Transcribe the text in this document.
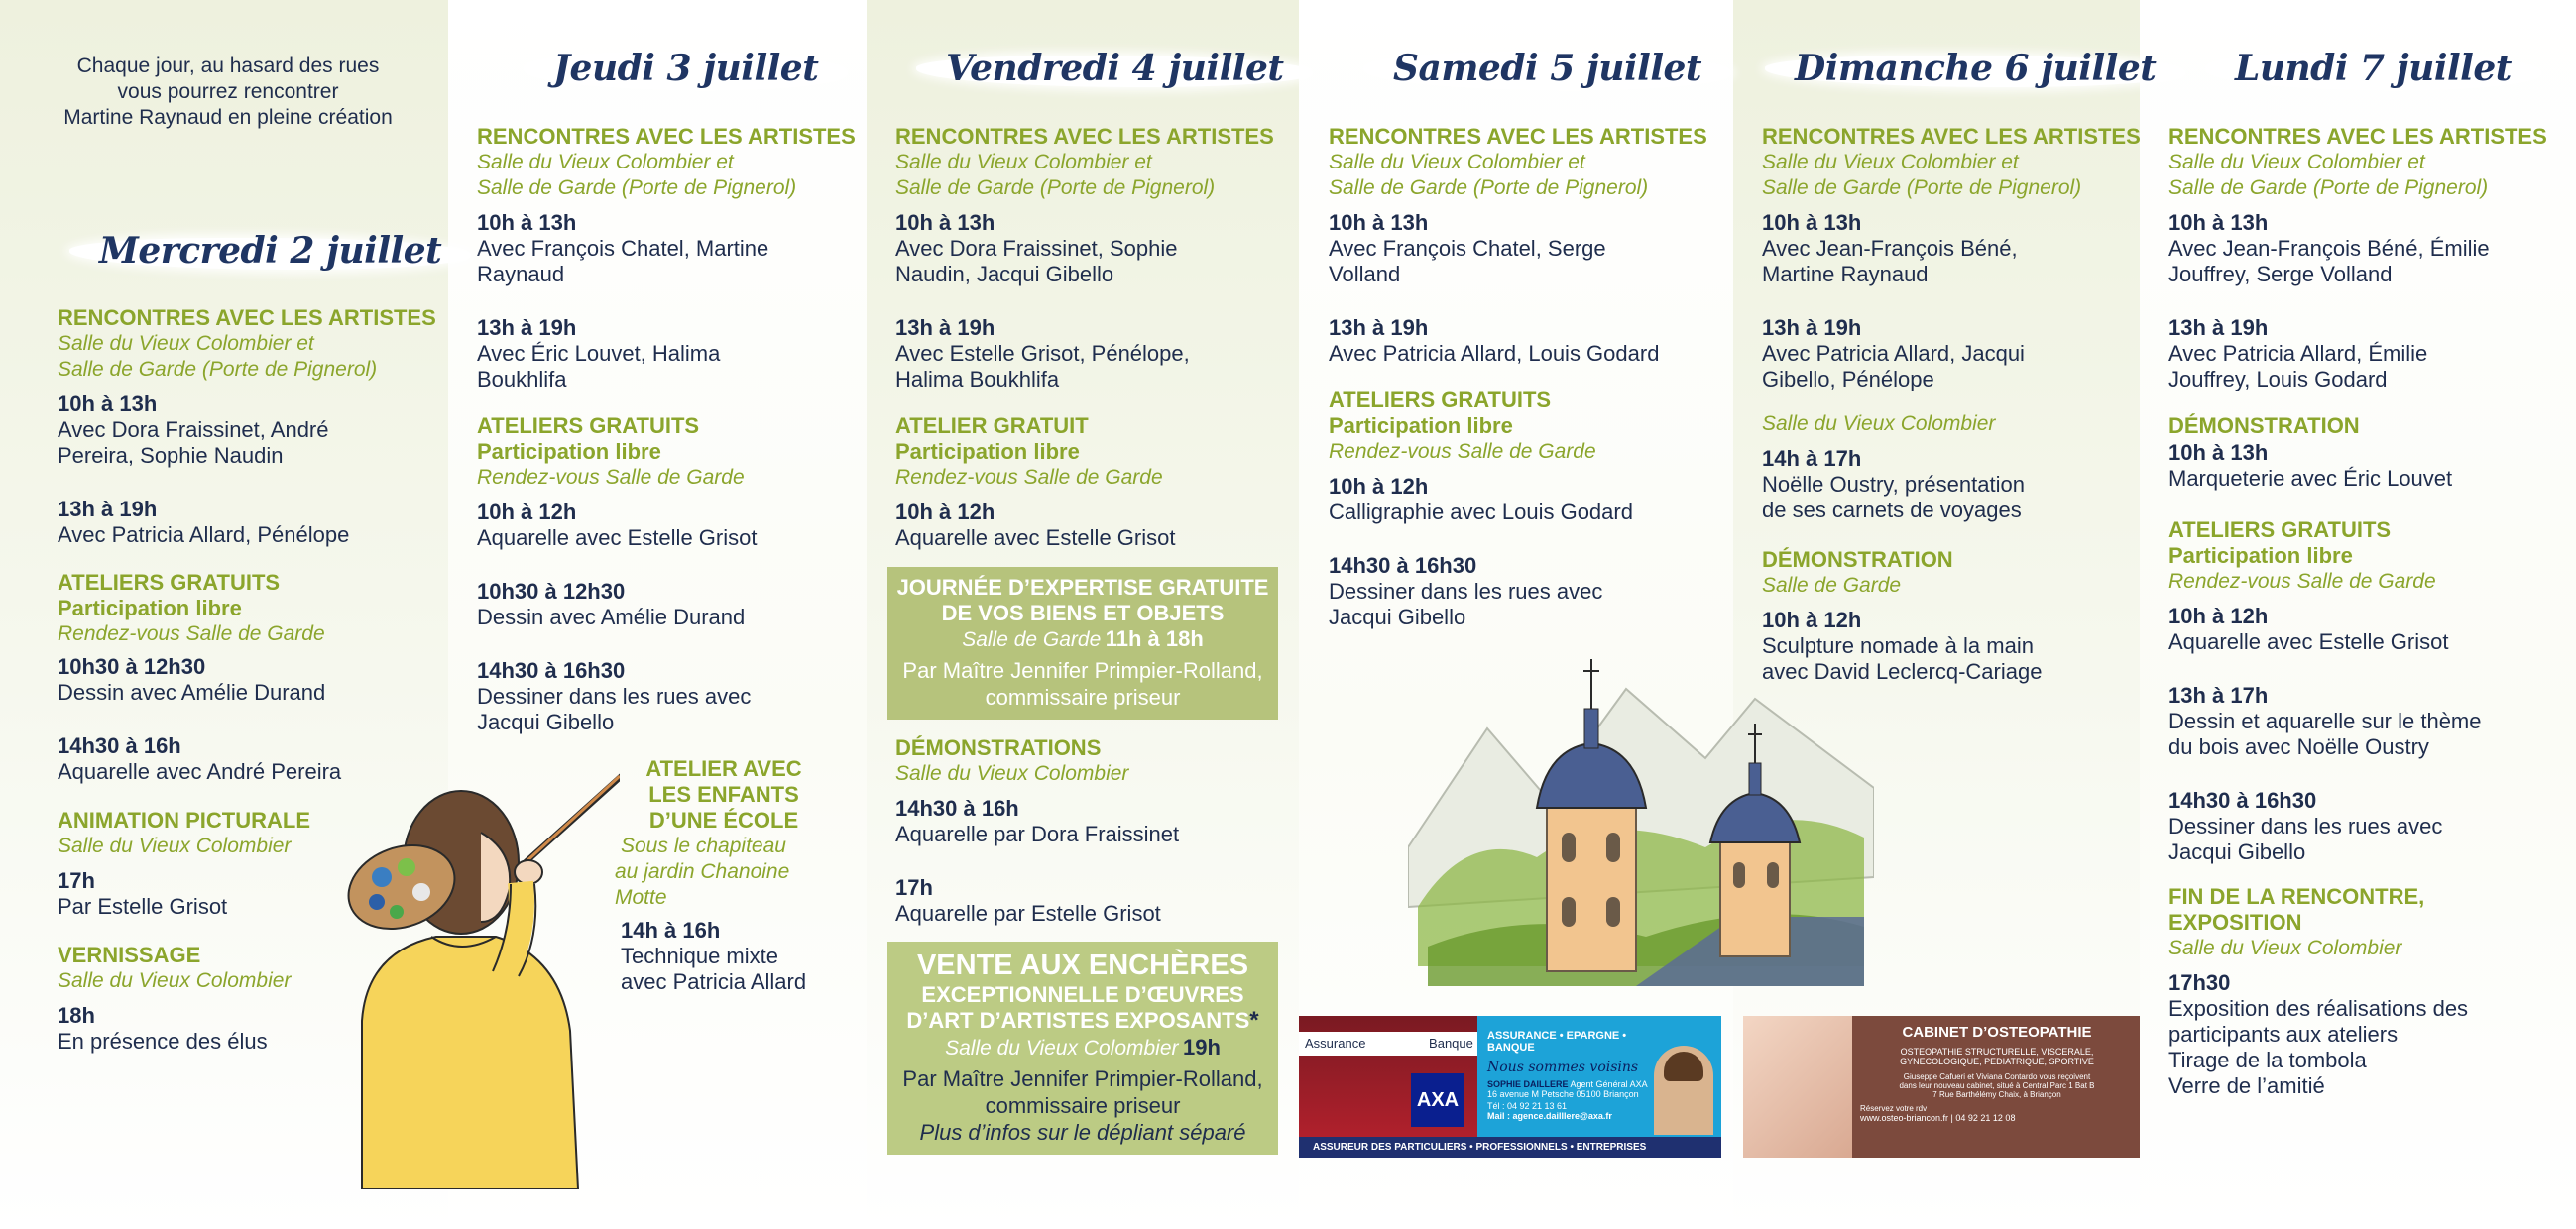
Chaque jour, au hasard des rues
vous pourrez rencontrer
Martine Raynaud en pleine création
Mercredi 2 juillet
RENCONTRES AVEC LES ARTISTES
Salle du Vieux Colombier et
Salle de Garde (Porte de Pignerol)
10h à 13h
Avec Dora Fraissinet, André
Pereira, Sophie Naudin
13h à 19h
Avec Patricia Allard, Pénélope
ATELIERS GRATUITS
Participation libre
Rendez-vous Salle de Garde
10h30 à 12h30
Dessin avec Amélie Durand
14h30 à 16h
Aquarelle avec André Pereira
ANIMATION PICTURALE
Salle du Vieux Colombier
17h
Par Estelle Grisot
VERNISSAGE
Salle du Vieux Colombier
18h
En présence des élus
Jeudi 3 juillet
RENCONTRES AVEC LES ARTISTES
Salle du Vieux Colombier et
Salle de Garde (Porte de Pignerol)
10h à 13h
Avec François Chatel, Martine
Raynaud
13h à 19h
Avec Éric Louvet, Halima
Boukhlifa
ATELIERS GRATUITS
Participation libre
Rendez-vous Salle de Garde
10h à 12h
Aquarelle avec Estelle Grisot
10h30 à 12h30
Dessin avec Amélie Durand
14h30 à 16h30
Dessiner dans les rues avec
Jacqui Gibello
ATELIER AVEC
LES ENFANTS
D’UNE ÉCOLE
Sous le chapiteau
au jardin Chanoine
Motte
14h à 16h
Technique mixte
avec Patricia Allard
Vendredi 4 juillet
RENCONTRES AVEC LES ARTISTES
Salle du Vieux Colombier et
Salle de Garde (Porte de Pignerol)
10h à 13h
Avec Dora Fraissinet, Sophie
Naudin, Jacqui Gibello
13h à 19h
Avec Estelle Grisot, Pénélope,
Halima Boukhlifa
ATELIER GRATUIT
Participation libre
Rendez-vous Salle de Garde
10h à 12h
Aquarelle avec Estelle Grisot
JOURNÉE D’EXPERTISE GRATUITE
DE VOS BIENS ET OBJETS
Salle de Garde 11h à 18h
Par Maître Jennifer Primpier-Rolland,
commissaire priseur
DÉMONSTRATIONS
Salle du Vieux Colombier
14h30 à 16h
Aquarelle par Dora Fraissinet
17h
Aquarelle par Estelle Grisot
VENTE AUX ENCHÈRES
EXCEPTIONNELLE D’ŒUVRES
D’ART D’ARTISTES EXPOSANTS*
Salle du Vieux Colombier 19h
Par Maître Jennifer Primpier-Rolland,
commissaire priseur
Plus d’infos sur le dépliant séparé
Samedi 5 juillet
RENCONTRES AVEC LES ARTISTES
Salle du Vieux Colombier et
Salle de Garde (Porte de Pignerol)
10h à 13h
Avec François Chatel, Serge
Volland
13h à 19h
Avec Patricia Allard, Louis Godard
ATELIERS GRATUITS
Participation libre
Rendez-vous Salle de Garde
10h à 12h
Calligraphie avec Louis Godard
14h30 à 16h30
Dessiner dans les rues avec
Jacqui Gibello
Assurance	Banque
AXA
ASSURANCE • EPARGNE • BANQUE
Nous sommes voisins
SOPHIE DAILLERE Agent Général AXA
16 avenue M Petsche 05100 Briançon
Tél : 04 92 21 13 61
Mail : agence.dailllere@axa.fr
ASSUREUR DES PARTICULIERS • PROFESSIONNELS • ENTREPRISES
Dimanche 6 juillet
RENCONTRES AVEC LES ARTISTES
Salle du Vieux Colombier et
Salle de Garde (Porte de Pignerol)
10h à 13h
Avec Jean-François Béné,
Martine Raynaud
13h à 19h
Avec Patricia Allard, Jacqui
Gibello, Pénélope
Salle du Vieux Colombier
14h à 17h
Noëlle Oustry, présentation
de ses carnets de voyages
DÉMONSTRATION
Salle de Garde
10h à 12h
Sculpture nomade à la main
avec David Leclercq-Cariage
CABINET D’OSTEOPATHIE
OSTEOPATHIE STRUCTURELLE, VISCERALE,
GYNECOLOGIQUE, PEDIATRIQUE, SPORTIVE
Giuseppe Cafueri et Viviana Contardo vous reçoivent
dans leur nouveau cabinet, situé à Central Parc 1 Bat B
7 Rue Barthélémy Chaix, à Briançon
Réservez votre rdv
www.osteo-briancon.fr | 04 92 21 12 08
Lundi 7 juillet
RENCONTRES AVEC LES ARTISTES
Salle du Vieux Colombier et
Salle de Garde (Porte de Pignerol)
10h à 13h
Avec Jean-François Béné, Émilie
Jouffrey, Serge Volland
13h à 19h
Avec Patricia Allard, Émilie
Jouffrey, Louis Godard
DÉMONSTRATION
10h à 13h
Marqueterie avec Éric Louvet
ATELIERS GRATUITS
Participation libre
Rendez-vous Salle de Garde
10h à 12h
Aquarelle avec Estelle Grisot
13h à 17h
Dessin et aquarelle sur le thème
du bois avec Noëlle Oustry
14h30 à 16h30
Dessiner dans les rues avec
Jacqui Gibello
FIN DE LA RENCONTRE,
EXPOSITION
Salle du Vieux Colombier
17h30
Exposition des réalisations des
participants aux ateliers
Tirage de la tombola
Verre de l’amitié
